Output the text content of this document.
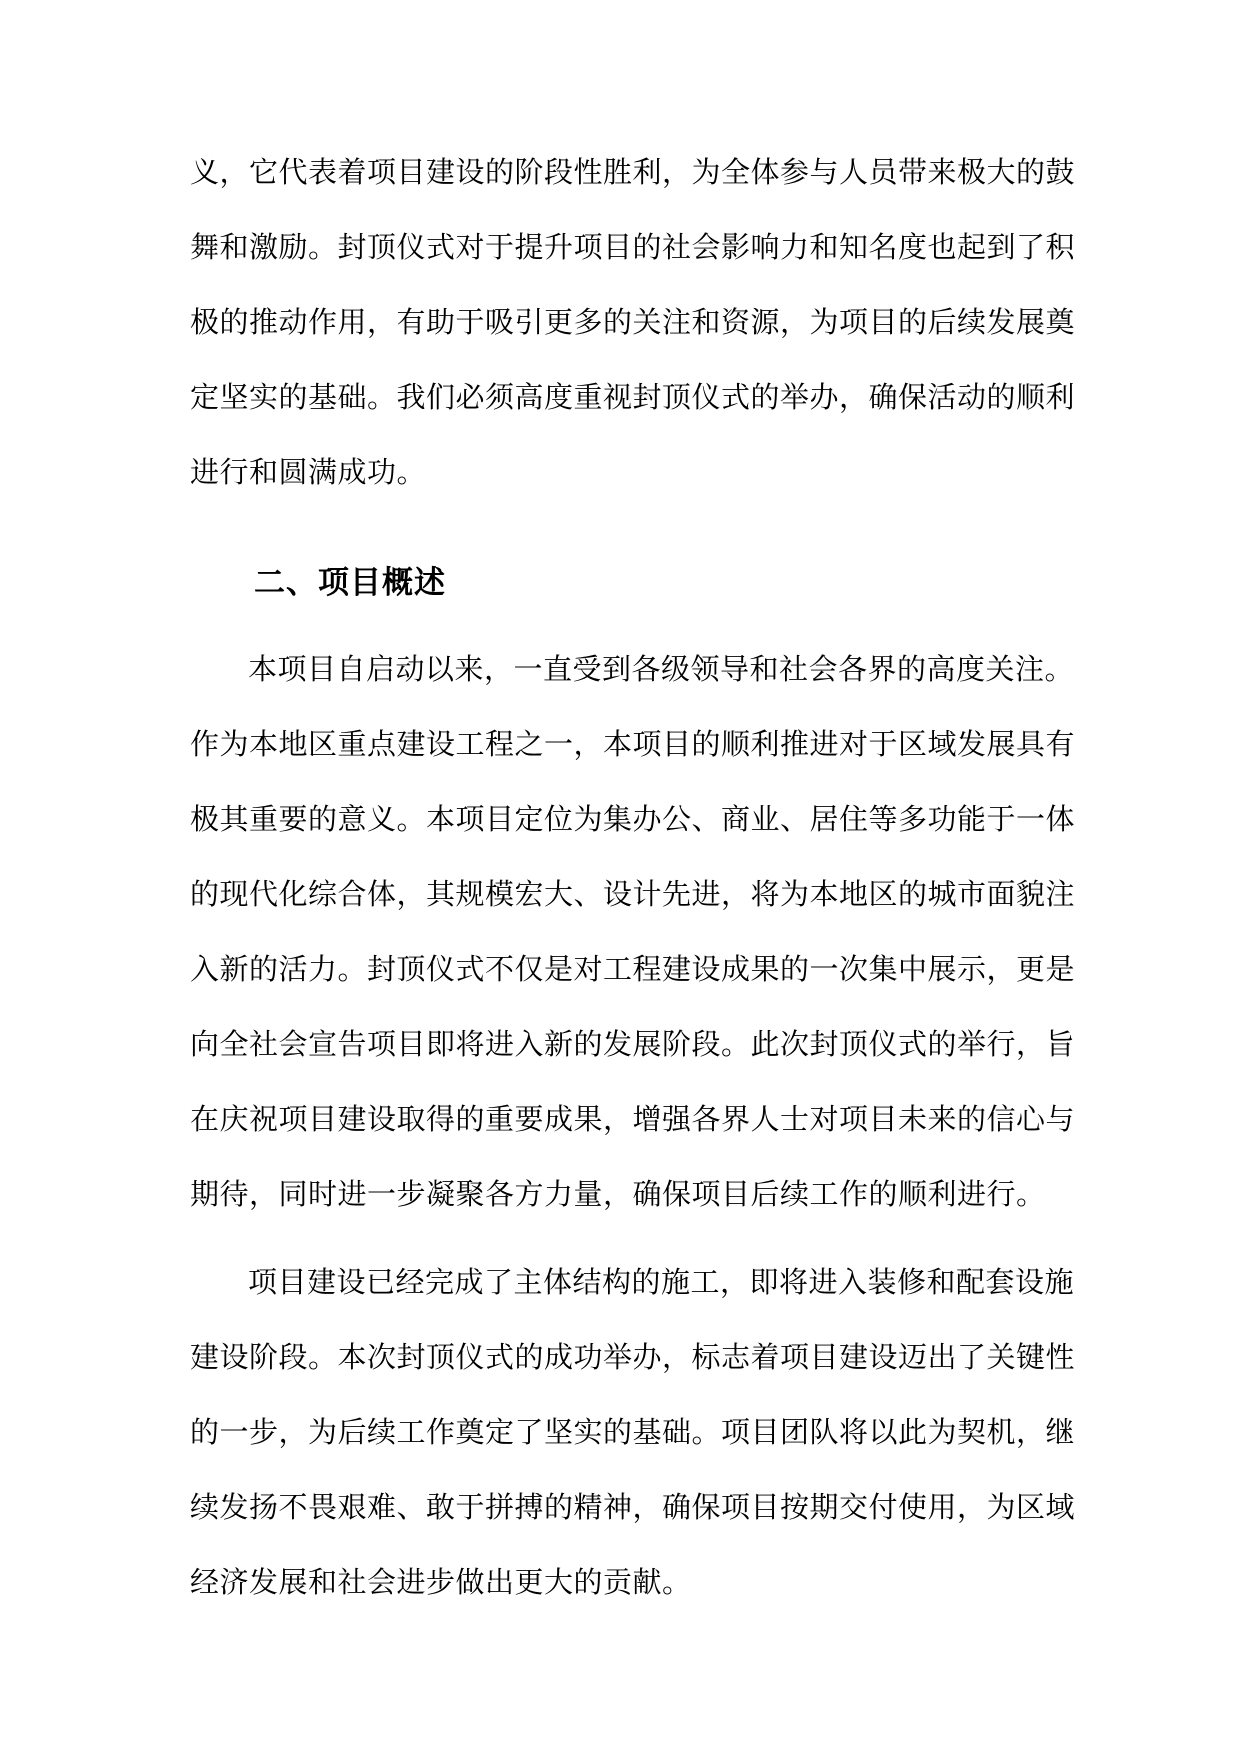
义，它代表着项目建设的阶段性胜利，为全体参与人员带来极大的鼓
舞和激励。封顶仪式对于提升项目的社会影响力和知名度也起到了积
极的推动作用，有助于吸引更多的关注和资源，为项目的后续发展奠
定坚实的基础。我们必须高度重视封顶仪式的举办，确保活动的顺利
进行和圆满成功。
二、项目概述
本项目自启动以来，一直受到各级领导和社会各界的高度关注。
作为本地区重点建设工程之一，本项目的顺利推进对于区域发展具有
极其重要的意义。本项目定位为集办公、商业、居住等多功能于一体
的现代化综合体，其规模宏大、设计先进，将为本地区的城市面貌注
入新的活力。封顶仪式不仅是对工程建设成果的一次集中展示，更是
向全社会宣告项目即将进入新的发展阶段。此次封顶仪式的举行，旨
在庆祝项目建设取得的重要成果，增强各界人士对项目未来的信心与
期待，同时进一步凝聚各方力量，确保项目后续工作的顺利进行。
项目建设已经完成了主体结构的施工，即将进入装修和配套设施
建设阶段。本次封顶仪式的成功举办，标志着项目建设迈出了关键性
的一步，为后续工作奠定了坚实的基础。项目团队将以此为契机，继
续发扬不畏艰难、敢于拼搏的精神，确保项目按期交付使用，为区域
经济发展和社会进步做出更大的贡献。
